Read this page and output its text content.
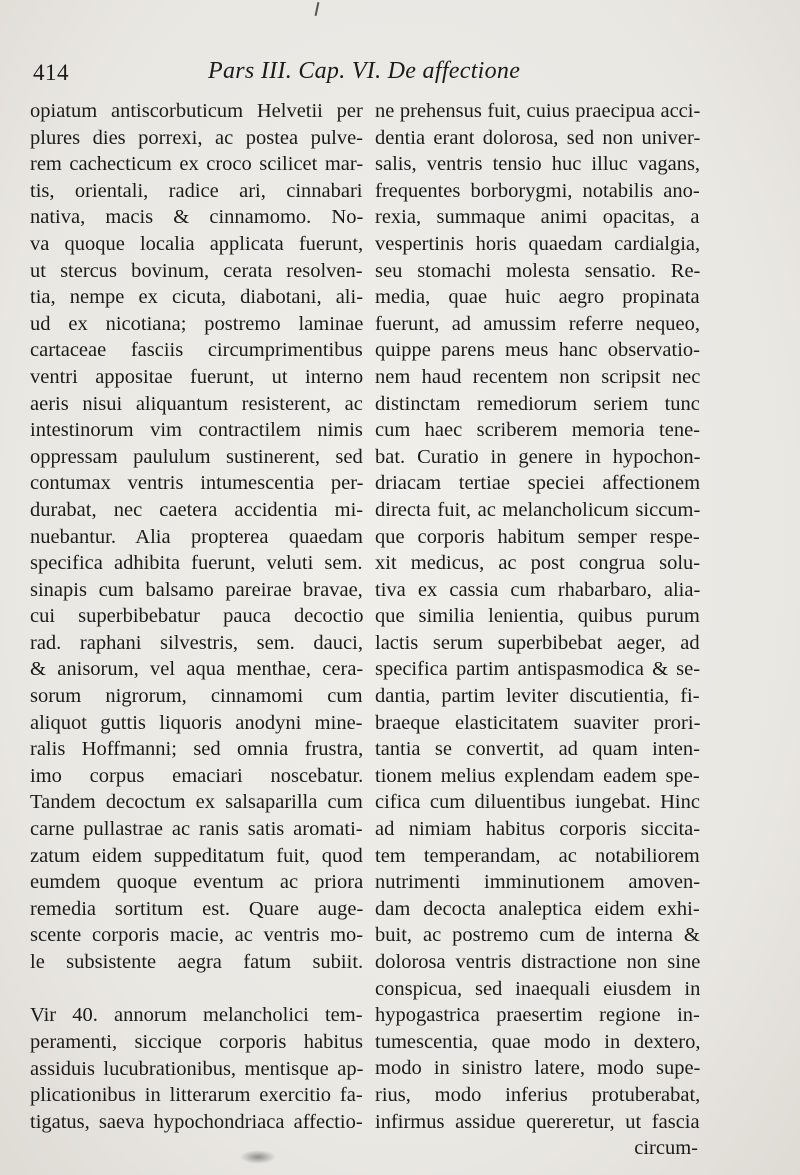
414	Pars III. Cap. VI. De affectione
opiatum antiscorbuticum Helvetii per
plures dies porrexi, ac postea pulve-
rem cachecticum ex croco scilicet mar-
tis, orientali, radice ari, cinnabari
nativa, macis & cinnamomo. No-
va quoque localia applicata fuerunt,
ut stercus bovinum, cerata resolven-
tia, nempe ex cicuta, diabotani, ali-
ud ex nicotiana; postremo laminae
cartaceae fasciis circumprimentibus
ventri appositae fuerunt, ut interno
aeris nisui aliquantum resisterent, ac
intestinorum vim contractilem nimis
oppressam paululum sustinerent, sed
contumax ventris intumescentia per-
durabat, nec caetera accidentia mi-
nuebantur. Alia propterea quaedam
specifica adhibita fuerunt, veluti sem.
sinapis cum balsamo pareirae bravae,
cui superbibebatur pauca decoctio
rad. raphani silvestris, sem. dauci,
& anisorum, vel aqua menthae, cera-
sorum nigrorum, cinnamomi cum
aliquot guttis liquoris anodyni mine-
ralis Hoffmanni; sed omnia frustra,
imo corpus emaciari noscebatur.
Tandem decoctum ex salsaparilla cum
carne pullastrae ac ranis satis aromati-
zatum eidem suppeditatum fuit, quod
eumdem quoque eventum ac priora
remedia sortitum est. Quare auge-
scente corporis macie, ac ventris mo-
le subsistente aegra fatum subiit.
Vir 40. annorum melancholici tem-
peramenti, siccique corporis habitus
assiduis lucubrationibus, mentisque ap-
plicationibus in litterarum exercitio fa-
tigatus, saeva hypochondriaca affectio-
ne prehensus fuit, cuius praecipua acci-
dentia erant dolorosa, sed non univer-
salis, ventris tensio huc illuc vagans,
frequentes borborygmi, notabilis ano-
rexia, summaque animi opacitas, a
vespertinis horis quaedam cardialgia,
seu stomachi molesta sensatio. Re-
media, quae huic aegro propinata
fuerunt, ad amussim referre nequeo,
quippe parens meus hanc observatio-
nem haud recentem non scripsit nec
distinctam remediorum seriem tunc
cum haec scriberem memoria tene-
bat. Curatio in genere in hypochon-
driacam tertiae speciei affectionem
directa fuit, ac melancholicum siccum-
que corporis habitum semper respe-
xit medicus, ac post congrua solu-
tiva ex cassia cum rhabarbaro, alia-
que similia lenientia, quibus purum
lactis serum superbibebat aeger, ad
specifica partim antispasmodica & se-
dantia, partim leviter discutientia, fi-
braeque elasticitatem suaviter prori-
tantia se convertit, ad quam inten-
tionem melius explendam eadem spe-
cifica cum diluentibus iungebat. Hinc
ad nimiam habitus corporis siccita-
tem temperandam, ac notabiliorem
nutrimenti imminutionem amoven-
dam decocta analeptica eidem exhi-
buit, ac postremo cum de interna &
dolorosa ventris distractione non sine
conspicua, sed inaequali eiusdem in
hypogastrica praesertim regione in-
tumescentia, quae modo in dextero,
modo in sinistro latere, modo supe-
rius, modo inferius protuberabat,
infirmus assidue quereretur, ut fascia
circum-
